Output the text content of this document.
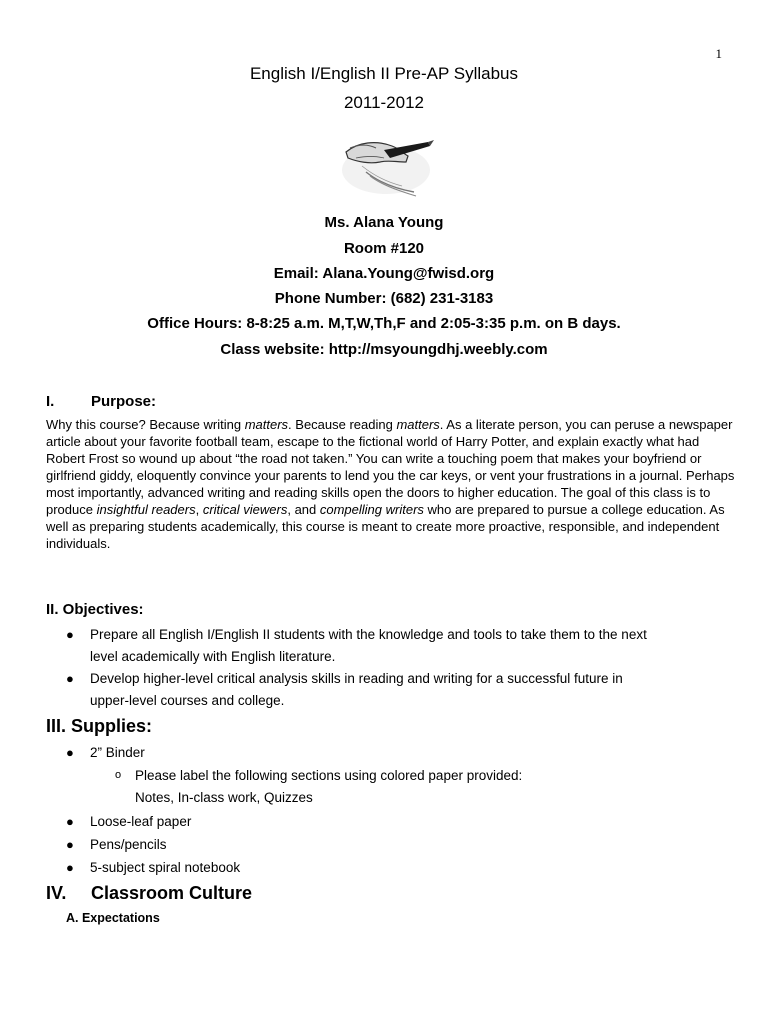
1
English I/English II Pre-AP Syllabus
2011-2012
Ms. Alana Young
Room #120
Email: Alana.Young@fwisd.org
Phone Number: (682) 231-3183
Office Hours: 8-8:25 a.m. M,T,W,Th,F and 2:05-3:35 p.m. on B days.
Class website: http://msyoungdhj.weebly.com
I. Purpose:

Why this course? Because writing matters. Because reading matters. As a literate person, you can peruse a newspaper article about your favorite football team, escape to the fictional world of Harry Potter, and explain exactly what had Robert Frost so wound up about “the road not taken.” You can write a touching poem that makes your boyfriend or girlfriend giddy, eloquently convince your parents to lend you the car keys, or vent your frustrations in a journal. Perhaps most importantly, advanced writing and reading skills open the doors to higher education. The goal of this class is to produce insightful readers, critical viewers, and compelling writers who are prepared to pursue a college education. As well as preparing students academically, this course is meant to create more proactive, responsible, and independent individuals.

II. Objectives:
● Prepare all English I/English II students with the knowledge and tools to take them to the next
level academically with English literature.
● Develop higher-level critical analysis skills in reading and writing for a successful future in
upper-level courses and college.
III. Supplies:
● 2” Binder
o Please label the following sections using colored paper provided:
Notes, In-class work, Quizzes
● Loose-leaf paper
● Pens/pencils
● 5-subject spiral notebook
IV. Classroom Culture
A. Expectations
